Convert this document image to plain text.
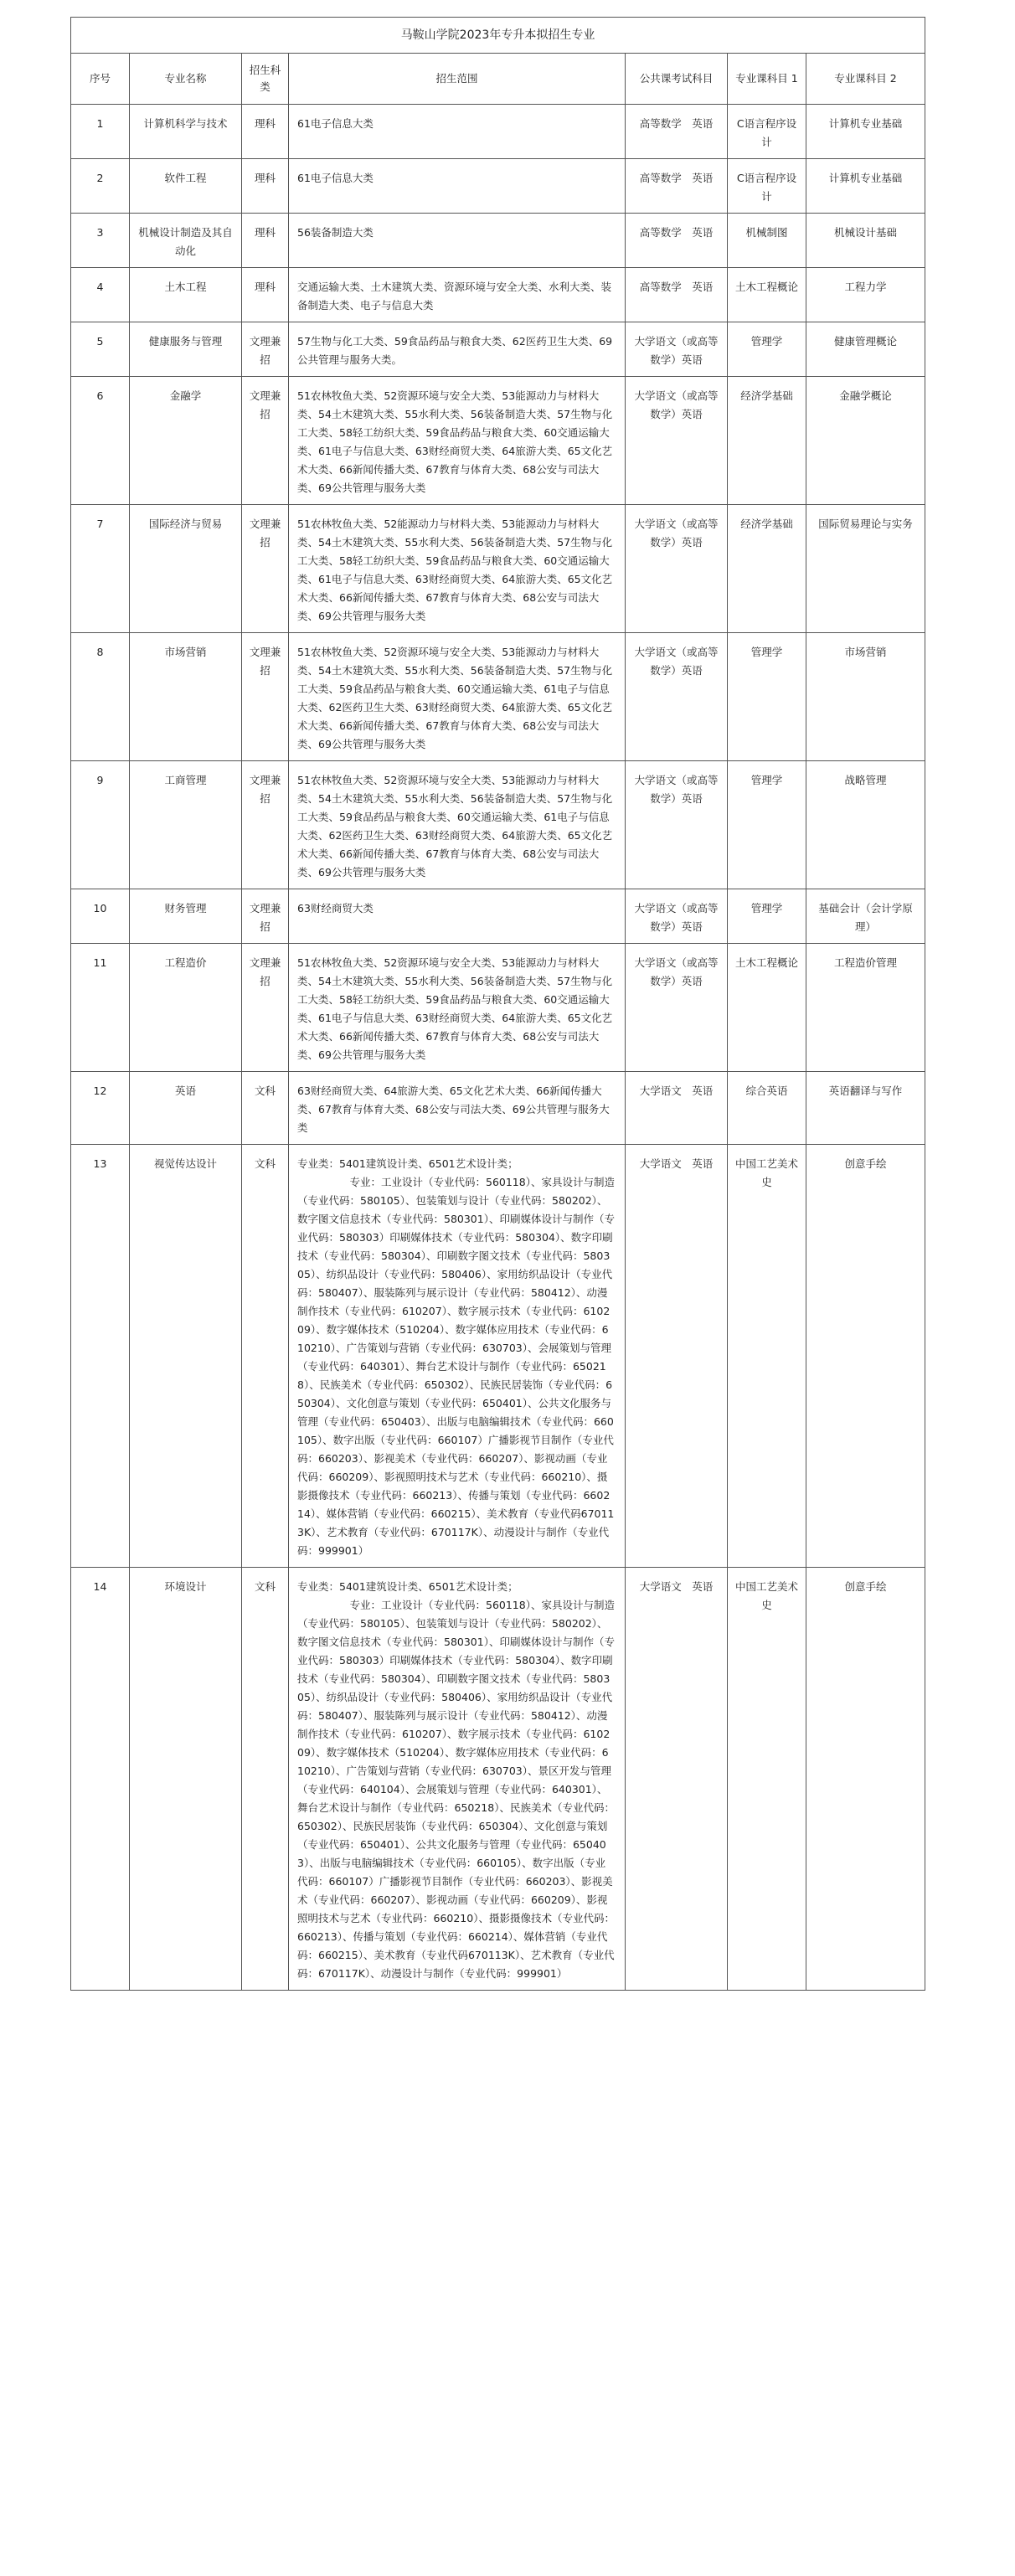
马鞍山学院2023年专升本拟招生专业						
序号	专业名称	招生科类	招生范围	公共课考试科目	专业课科目 1	专业课科目 2
1	计算机科学与技术	理科	61电子信息大类	高等数学　英语	C语言程序设计	计算机专业基础
2	软件工程	理科	61电子信息大类	高等数学　英语	C语言程序设计	计算机专业基础
3	机械设计制造及其自动化	理科	56装备制造大类	高等数学　英语	机械制图	机械设计基础
4	土木工程	理科	交通运输大类、土木建筑大类、资源环境与安全大类、水利大类、装备制造大类、电子与信息大类	高等数学　英语	土木工程概论	工程力学
5	健康服务与管理	文理兼招	57生物与化工大类、59食品药品与粮食大类、62医药卫生大类、69公共管理与服务大类。	大学语文（或高等数学）英语	管理学	健康管理概论
6	金融学	文理兼招	51农林牧鱼大类、52资源环境与安全大类、53能源动力与材料大类、54土木建筑大类、55水利大类、56装备制造大类、57生物与化工大类、58轻工纺织大类、59食品药品与粮食大类、60交通运输大类、61电子与信息大类、63财经商贸大类、64旅游大类、65文化艺术大类、66新闻传播大类、67教育与体育大类、68公安与司法大类、69公共管理与服务大类	大学语文（或高等数学）英语	经济学基础	金融学概论
7	国际经济与贸易	文理兼招	51农林牧鱼大类、52能源动力与材料大类、53能源动力与材料大类、54土木建筑大类、55水利大类、56装备制造大类、57生物与化工大类、58轻工纺织大类、59食品药品与粮食大类、60交通运输大类、61电子与信息大类、63财经商贸大类、64旅游大类、65文化艺术大类、66新闻传播大类、67教育与体育大类、68公安与司法大类、69公共管理与服务大类	大学语文（或高等数学）英语	经济学基础	国际贸易理论与实务
8	市场营销	文理兼招	51农林牧鱼大类、52资源环境与安全大类、53能源动力与材料大类、54土木建筑大类、55水利大类、56装备制造大类、57生物与化工大类、59食品药品与粮食大类、60交通运输大类、61电子与信息大类、62医药卫生大类、63财经商贸大类、64旅游大类、65文化艺术大类、66新闻传播大类、67教育与体育大类、68公安与司法大类、69公共管理与服务大类	大学语文（或高等数学）英语	管理学	市场营销
9	工商管理	文理兼招	51农林牧鱼大类、52资源环境与安全大类、53能源动力与材料大类、54土木建筑大类、55水利大类、56装备制造大类、57生物与化工大类、59食品药品与粮食大类、60交通运输大类、61电子与信息大类、62医药卫生大类、63财经商贸大类、64旅游大类、65文化艺术大类、66新闻传播大类、67教育与体育大类、68公安与司法大类、69公共管理与服务大类	大学语文（或高等数学）英语	管理学	战略管理
10	财务管理	文理兼招	63财经商贸大类	大学语文（或高等数学）英语	管理学	基础会计（会计学原理）
11	工程造价	文理兼招	51农林牧鱼大类、52资源环境与安全大类、53能源动力与材料大类、54土木建筑大类、55水利大类、56装备制造大类、57生物与化工大类、58轻工纺织大类、59食品药品与粮食大类、60交通运输大类、61电子与信息大类、63财经商贸大类、64旅游大类、65文化艺术大类、66新闻传播大类、67教育与体育大类、68公安与司法大类、69公共管理与服务大类	大学语文（或高等数学）英语	土木工程概论	工程造价管理
12	英语	文科	63财经商贸大类、64旅游大类、65文化艺术大类、66新闻传播大类、67教育与体育大类、68公安与司法大类、69公共管理与服务大类	大学语文　英语	综合英语	英语翻译与写作
13	视觉传达设计	文科	专业类：5401建筑设计类、6501艺术设计类；

专业：工业设计（专业代码：560118）、家具设计与制造（专业代码：580105）、包装策划与设计（专业代码：580202）、数字图文信息技术（专业代码：580301）、印刷媒体设计与制作（专业代码：580303）印刷媒体技术（专业代码：580304）、数字印刷技术（专业代码：580304）、印刷数字图文技术（专业代码：580305）、纺织品设计（专业代码：580406）、家用纺织品设计（专业代码：580407）、服装陈列与展示设计（专业代码：580412）、动漫制作技术（专业代码：610207）、数字展示技术（专业代码：610209）、数字媒体技术（510204）、数字媒体应用技术（专业代码：610210）、广告策划与营销（专业代码：630703）、会展策划与管理（专业代码：640301）、舞台艺术设计与制作（专业代码：650218）、民族美术（专业代码：650302）、民族民居装饰（专业代码：650304）、文化创意与策划（专业代码：650401）、公共文化服务与管理（专业代码：650403）、出版与电脑编辑技术（专业代码：660105）、数字出版（专业代码：660107）广播影视节目制作（专业代码：660203）、影视美术（专业代码：660207）、影视动画（专业代码：660209）、影视照明技术与艺术（专业代码：660210）、摄影摄像技术（专业代码：660213）、传播与策划（专业代码：660214）、媒体营销（专业代码：660215）、美术教育（专业代码670113K）、艺术教育（专业代码：670117K）、动漫设计与制作（专业代码：999901）	大学语文　英语	中国工艺美术史	创意手绘
14	环境设计	文科	专业类：5401建筑设计类、6501艺术设计类；

专业：工业设计（专业代码：560118）、家具设计与制造（专业代码：580105）、包装策划与设计（专业代码：580202）、数字图文信息技术（专业代码：580301）、印刷媒体设计与制作（专业代码：580303）印刷媒体技术（专业代码：580304）、数字印刷技术（专业代码：580304）、印刷数字图文技术（专业代码：580305）、纺织品设计（专业代码：580406）、家用纺织品设计（专业代码：580407）、服装陈列与展示设计（专业代码：580412）、动漫制作技术（专业代码：610207）、数字展示技术（专业代码：610209）、数字媒体技术（510204）、数字媒体应用技术（专业代码：610210）、广告策划与营销（专业代码：630703）、景区开发与管理（专业代码：640104）、会展策划与管理（专业代码：640301）、舞台艺术设计与制作（专业代码：650218）、民族美术（专业代码：650302）、民族民居装饰（专业代码：650304）、文化创意与策划（专业代码：650401）、公共文化服务与管理（专业代码：650403）、出版与电脑编辑技术（专业代码：660105）、数字出版（专业代码：660107）广播影视节目制作（专业代码：660203）、影视美术（专业代码：660207）、影视动画（专业代码：660209）、影视照明技术与艺术（专业代码：660210）、摄影摄像技术（专业代码：660213）、传播与策划（专业代码：660214）、媒体营销（专业代码：660215）、美术教育（专业代码670113K）、艺术教育（专业代码：670117K）、动漫设计与制作（专业代码：999901）	大学语文　英语	中国工艺美术史	创意手绘
